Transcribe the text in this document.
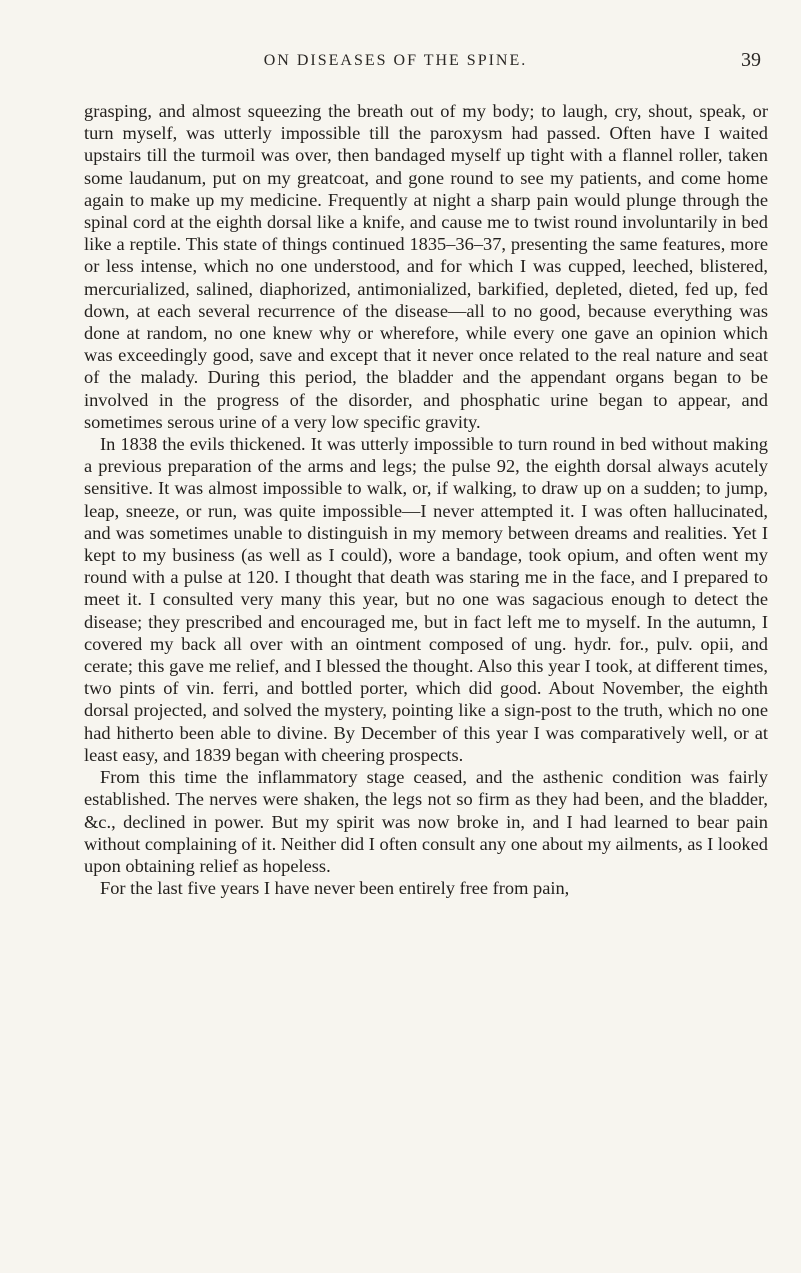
ON DISEASES OF THE SPINE.	39

grasping, and almost squeezing the breath out of my body; to laugh, cry, shout, speak, or turn myself, was utterly impossible till the paroxysm had passed. Often have I waited upstairs till the turmoil was over, then bandaged myself up tight with a flannel roller, taken some laudanum, put on my greatcoat, and gone round to see my patients, and come home again to make up my medicine. Frequently at night a sharp pain would plunge through the spinal cord at the eighth dorsal like a knife, and cause me to twist round involuntarily in bed like a reptile. This state of things continued 1835–36–37, presenting the same features, more or less intense, which no one understood, and for which I was cupped, leeched, blistered, mercurialized, salined, diaphorized, antimonialized, barkified, depleted, dieted, fed up, fed down, at each several recurrence of the disease—all to no good, because everything was done at random, no one knew why or wherefore, while every one gave an opinion which was exceedingly good, save and except that it never once related to the real nature and seat of the malady. During this period, the bladder and the appendant organs began to be involved in the progress of the disorder, and phosphatic urine began to appear, and sometimes serous urine of a very low specific gravity.

In 1838 the evils thickened. It was utterly impossible to turn round in bed without making a previous preparation of the arms and legs; the pulse 92, the eighth dorsal always acutely sensitive. It was almost impossible to walk, or, if walking, to draw up on a sudden; to jump, leap, sneeze, or run, was quite impossible—I never attempted it. I was often hallucinated, and was sometimes unable to distinguish in my memory between dreams and realities. Yet I kept to my business (as well as I could), wore a bandage, took opium, and often went my round with a pulse at 120. I thought that death was staring me in the face, and I prepared to meet it. I consulted very many this year, but no one was sagacious enough to detect the disease; they prescribed and encouraged me, but in fact left me to myself. In the autumn, I covered my back all over with an ointment composed of ung. hydr. for., pulv. opii, and cerate; this gave me relief, and I blessed the thought. Also this year I took, at different times, two pints of vin. ferri, and bottled porter, which did good. About November, the eighth dorsal projected, and solved the mystery, pointing like a sign-post to the truth, which no one had hitherto been able to divine. By December of this year I was comparatively well, or at least easy, and 1839 began with cheering prospects.

From this time the inflammatory stage ceased, and the asthenic condition was fairly established. The nerves were shaken, the legs not so firm as they had been, and the bladder, &c., declined in power. But my spirit was now broke in, and I had learned to bear pain without complaining of it. Neither did I often consult any one about my ailments, as I looked upon obtaining relief as hopeless.

For the last five years I have never been entirely free from pain,
